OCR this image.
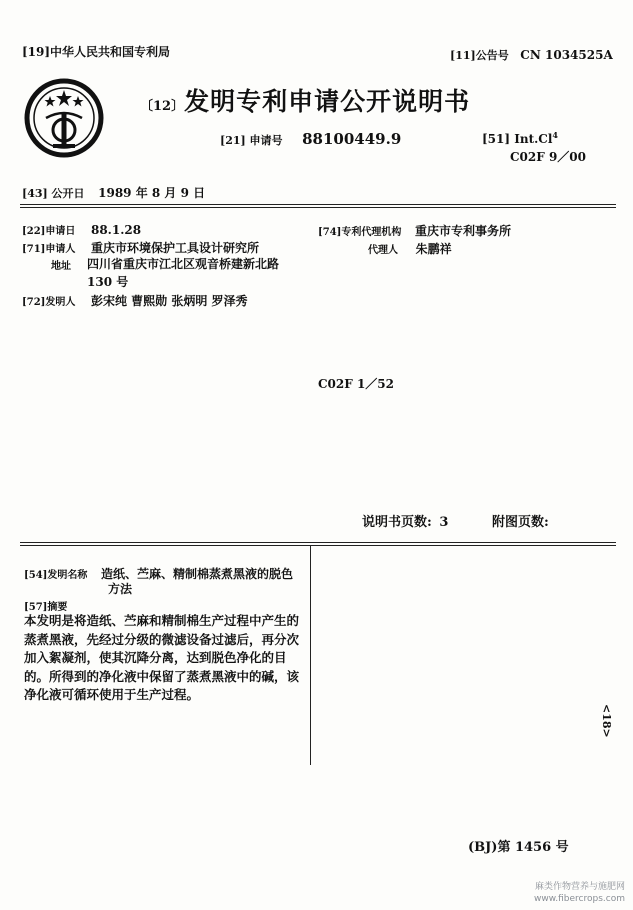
[19]中华人民共和国专利局	[11]公告号 CN 1034525A
〔12〕发明专利申请公开说明书
[21] 申请号 88100449.9	[51] Int.Cl$^4$
C02F 9／00
[43] 公开日 1989 年 8 月 9 日
[22]申请日 88.1.28
[71]申请人 重庆市环境保护工具设计研究所
地址 四川省重庆市江北区观音桥建新北路
130 号
[72]发明人 彭宋纯 曹熙勋 张炳明 罗泽秀
[74]专利代理机构 重庆市专利事务所
代理人 朱鹏祥
C02F 1／52
说明书页数: 3	附图页数:
[54]发明名称 造纸、苎麻、精制棉蒸煮黑液的脱色
方法
[57]摘要

本发明是将造纸、苎麻和精制棉生产过程中产生的蒸煮黑液，先经过分级的微滤设备过滤后，再分次加入絮凝剂，使其沉降分离，达到脱色净化的目的。所得到的净化液中保留了蒸煮黑液中的碱，该净化液可循环使用于生产过程。

<18>
(BJ)第 1456 号
麻类作物营养与施肥网
www.fibercrops.com
